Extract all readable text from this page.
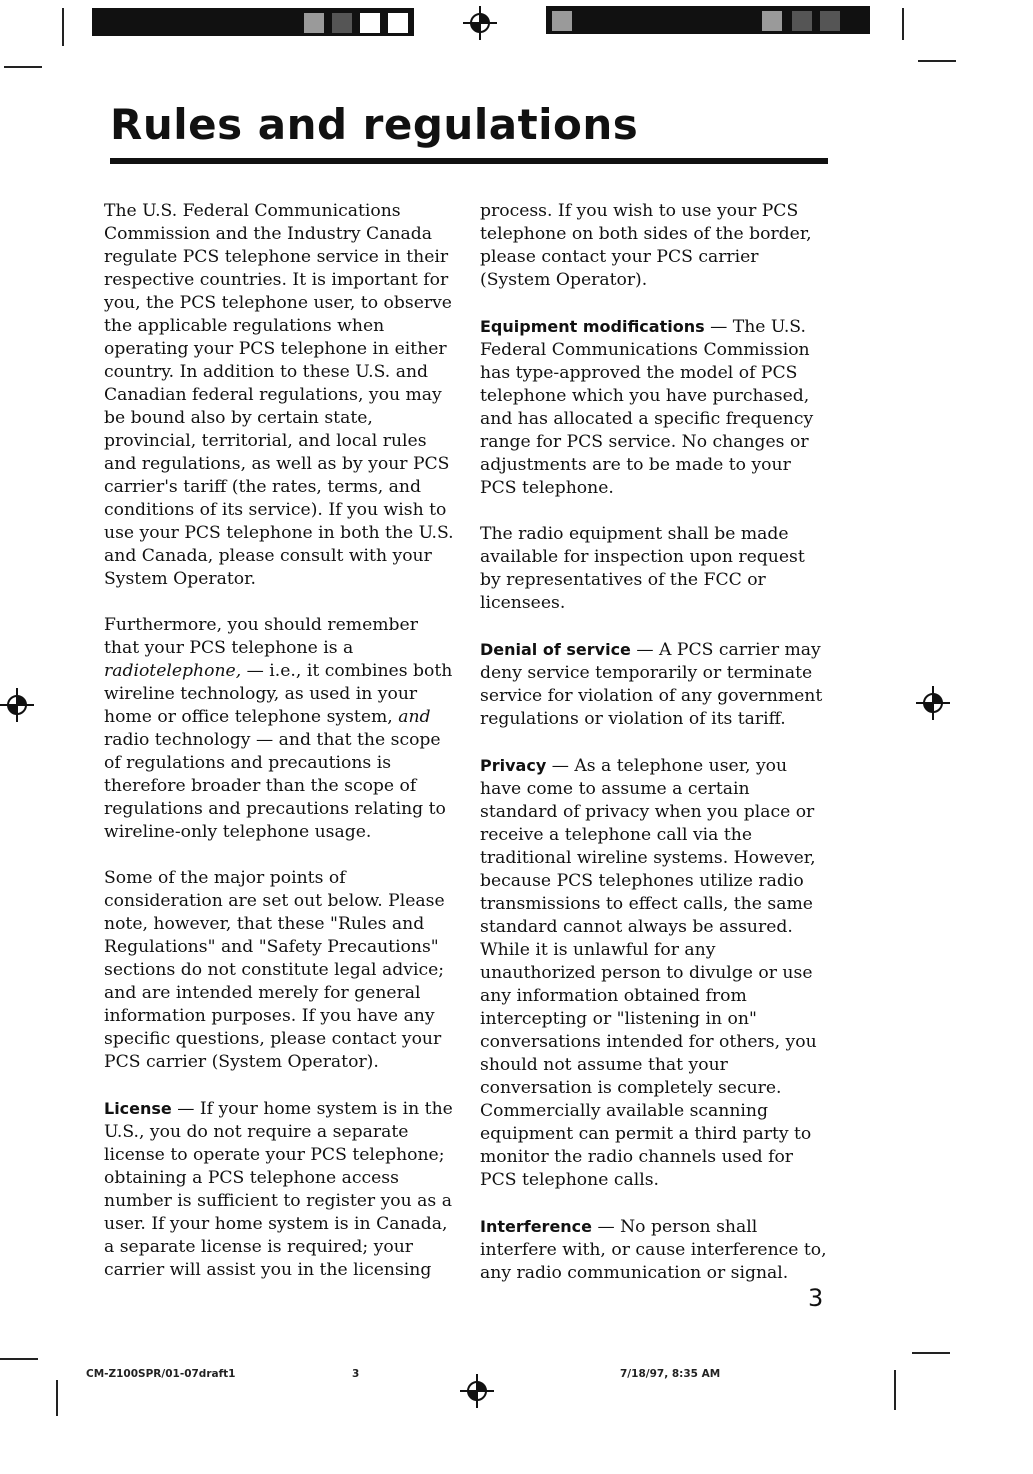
Rules and regulations

The U.S. Federal Communications Commission and the Industry Canada regulate PCS telephone service in their respective countries. It is important for you, the PCS telephone user, to observe the applicable regulations when operating your PCS telephone in either country. In addition to these U.S. and Canadian federal regulations, you may be bound also by certain state, provincial, territorial, and local rules and regulations, as well as by your PCS carrier's tariff (the rates, terms, and conditions of its service). If you wish to use your PCS telephone in both the U.S. and Canada, please consult with your System Operator.

Furthermore, you should remember that your PCS telephone is a radiotelephone, — i.e., it combines both wireline technology, as used in your home or office telephone system, and radio technology — and that the scope of regulations and precautions is therefore broader than the scope of regulations and precautions relating to wireline-only telephone usage.

Some of the major points of consideration are set out below. Please note, however, that these "Rules and Regulations" and "Safety Precautions" sections do not constitute legal advice; and are intended merely for general information purposes. If you have any specific questions, please contact your PCS carrier (System Operator).

License — If your home system is in the U.S., you do not require a separate license to operate your PCS telephone; obtaining a PCS telephone access number is sufficient to register you as a user. If your home system is in Canada, a separate license is required; your carrier will assist you in the licensing

process. If you wish to use your PCS telephone on both sides of the border, please contact your PCS carrier (System Operator).

Equipment modifications — The U.S. Federal Communications Commission has type-approved the model of PCS telephone which you have purchased, and has allocated a specific frequency range for PCS service. No changes or adjustments are to be made to your PCS telephone.

The radio equipment shall be made available for inspection upon request by representatives of the FCC or licensees.

Denial of service — A PCS carrier may deny service temporarily or terminate service for violation of any government regulations or violation of its tariff.

Privacy — As a telephone user, you have come to assume a certain standard of privacy when you place or receive a telephone call via the traditional wireline systems. However, because PCS telephones utilize radio transmissions to effect calls, the same standard cannot always be assured. While it is unlawful for any unauthorized person to divulge or use any information obtained from intercepting or "listening in on" conversations intended for others, you should not assume that your conversation is completely secure. Commercially available scanning equipment can permit a third party to monitor the radio channels used for PCS telephone calls.

Interference — No person shall interfere with, or cause interference to, any radio communication or signal.

3
CM-Z100SPR/01-07draft1	3	7/18/97, 8:35 AM
